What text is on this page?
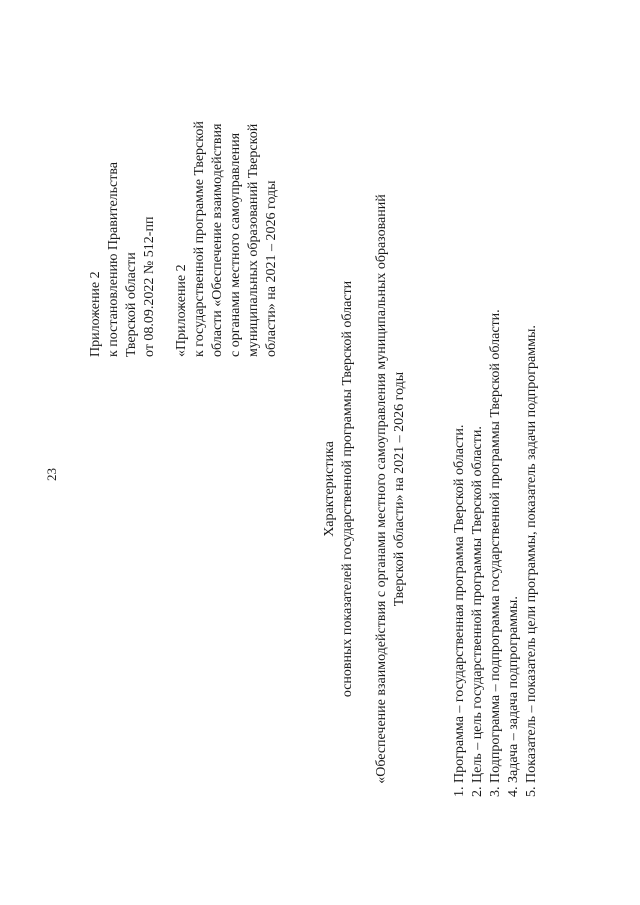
23
Приложение 2 к постановлению Правительства Тверской области от 08.09.2022 № 512-пп «Приложение 2 к государственной программе Тверской области «Обеспечение взаимодействия с органами местного самоуправления муниципальных образований Тверской области» на 2021 – 2026 годы
Характеристика основных показателей государственной программы Тверской области «Обеспечение взаимодействия с органами местного самоуправления муниципальных образований Тверской области» на 2021 – 2026 годы	1. Программа – государственная программа Тверской области. 2. Цель – цель государственной программы Тверской области. 3. Подпрограмма – подпрограмма государственной программы Тверской области. 4. Задача – задача подпрограммы. 5. Показатель – показатель цели программы, показатель задачи подпрограммы.
